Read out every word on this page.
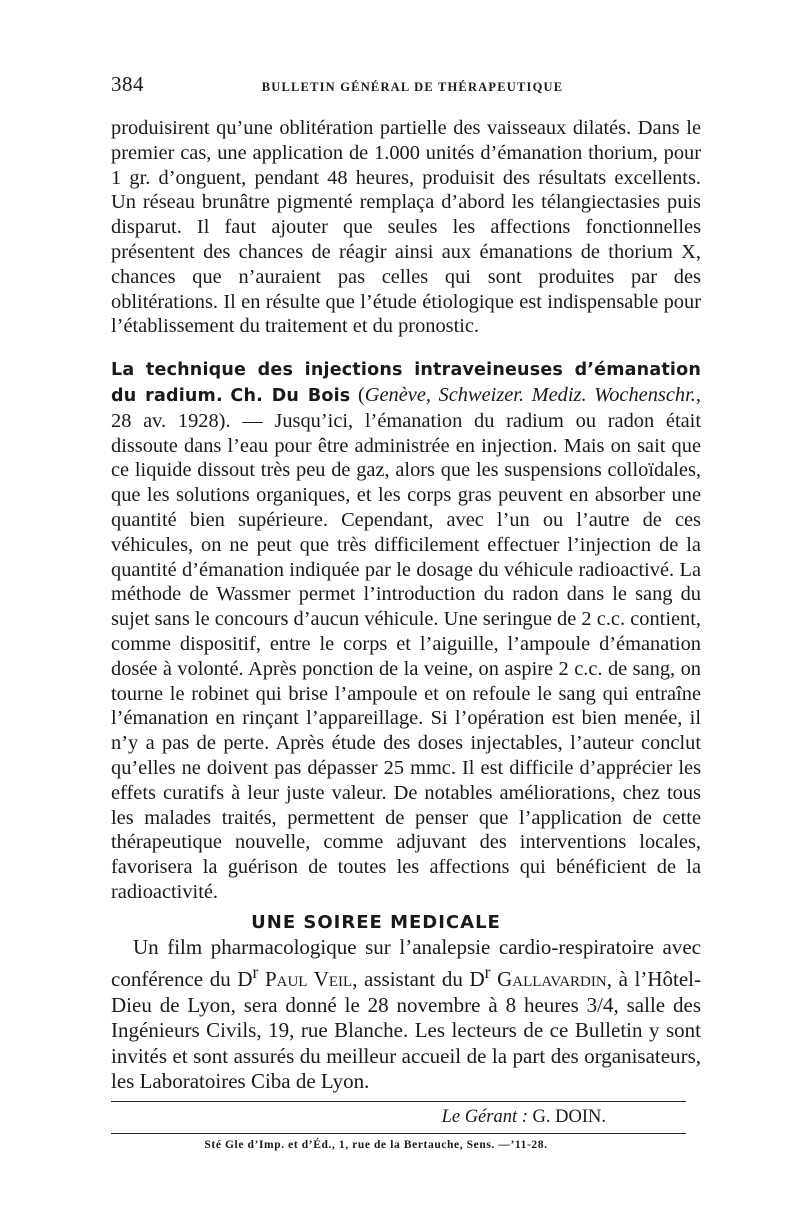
384	BULLETIN GÉNÉRAL DE THÉRAPEUTIQUE

produisirent qu’une oblitération partielle des vaisseaux dilatés. Dans le premier cas, une application de 1.000 unités d’émanation thorium, pour 1 gr. d’onguent, pendant 48 heures, produisit des résultats excellents. Un réseau brunâtre pigmenté remplaça d’abord les télangiectasies puis disparut. Il faut ajouter que seules les affections fonctionnelles présentent des chances de réagir ainsi aux émanations de thorium X, chances que n’auraient pas celles qui sont produites par des oblitérations. Il en résulte que l’étude étiologique est indispensable pour l’établissement du traitement et du pronostic.

La technique des injections intraveineuses d’émanation du radium. Ch. Du Bois (Genève, Schweizer. Mediz. Wochenschr., 28 av. 1928). — Jusqu’ici, l’émanation du radium ou radon était dissoute dans l’eau pour être administrée en injection. Mais on sait que ce liquide dissout très peu de gaz, alors que les suspensions colloïdales, que les solutions organiques, et les corps gras peuvent en absorber une quantité bien supérieure. Cependant, avec l’un ou l’autre de ces véhicules, on ne peut que très difficilement effectuer l’injection de la quantité d’émanation indiquée par le dosage du véhicule radioactivé. La méthode de Wassmer permet l’introduction du radon dans le sang du sujet sans le concours d’aucun véhicule. Une seringue de 2 c.c. contient, comme dispositif, entre le corps et l’aiguille, l’ampoule d’émanation dosée à volonté. Après ponction de la veine, on aspire 2 c.c. de sang, on tourne le robinet qui brise l’ampoule et on refoule le sang qui entraîne l’émanation en rinçant l’appareillage. Si l’opération est bien menée, il n’y a pas de perte. Après étude des doses injectables, l’auteur conclut qu’elles ne doivent pas dépasser 25 mmc. Il est difficile d’apprécier les effets curatifs à leur juste valeur. De notables améliorations, chez tous les malades traités, permettent de penser que l’application de cette thérapeutique nouvelle, comme adjuvant des interventions locales, favorisera la guérison de toutes les affections qui bénéficient de la radioactivité.

UNE SOIREE MEDICALE

Un film pharmacologique sur l’analepsie cardio-respiratoire avec conférence du $D^r$ Paul Veil, assistant du $D^r$ Gallavardin, à l’Hôtel-Dieu de Lyon, sera donné le 28 novembre à 8 heures 3/4, salle des Ingénieurs Civils, 19, rue Blanche. Les lecteurs de ce Bulletin y sont invités et sont assurés du meilleur accueil de la part des organisateurs, les Laboratoires Ciba de Lyon.

Le Gérant : G. DOIN.
Sté Gle d’Imp. et d’Éd., 1, rue de la Bertauche, Sens. —’11-28.
